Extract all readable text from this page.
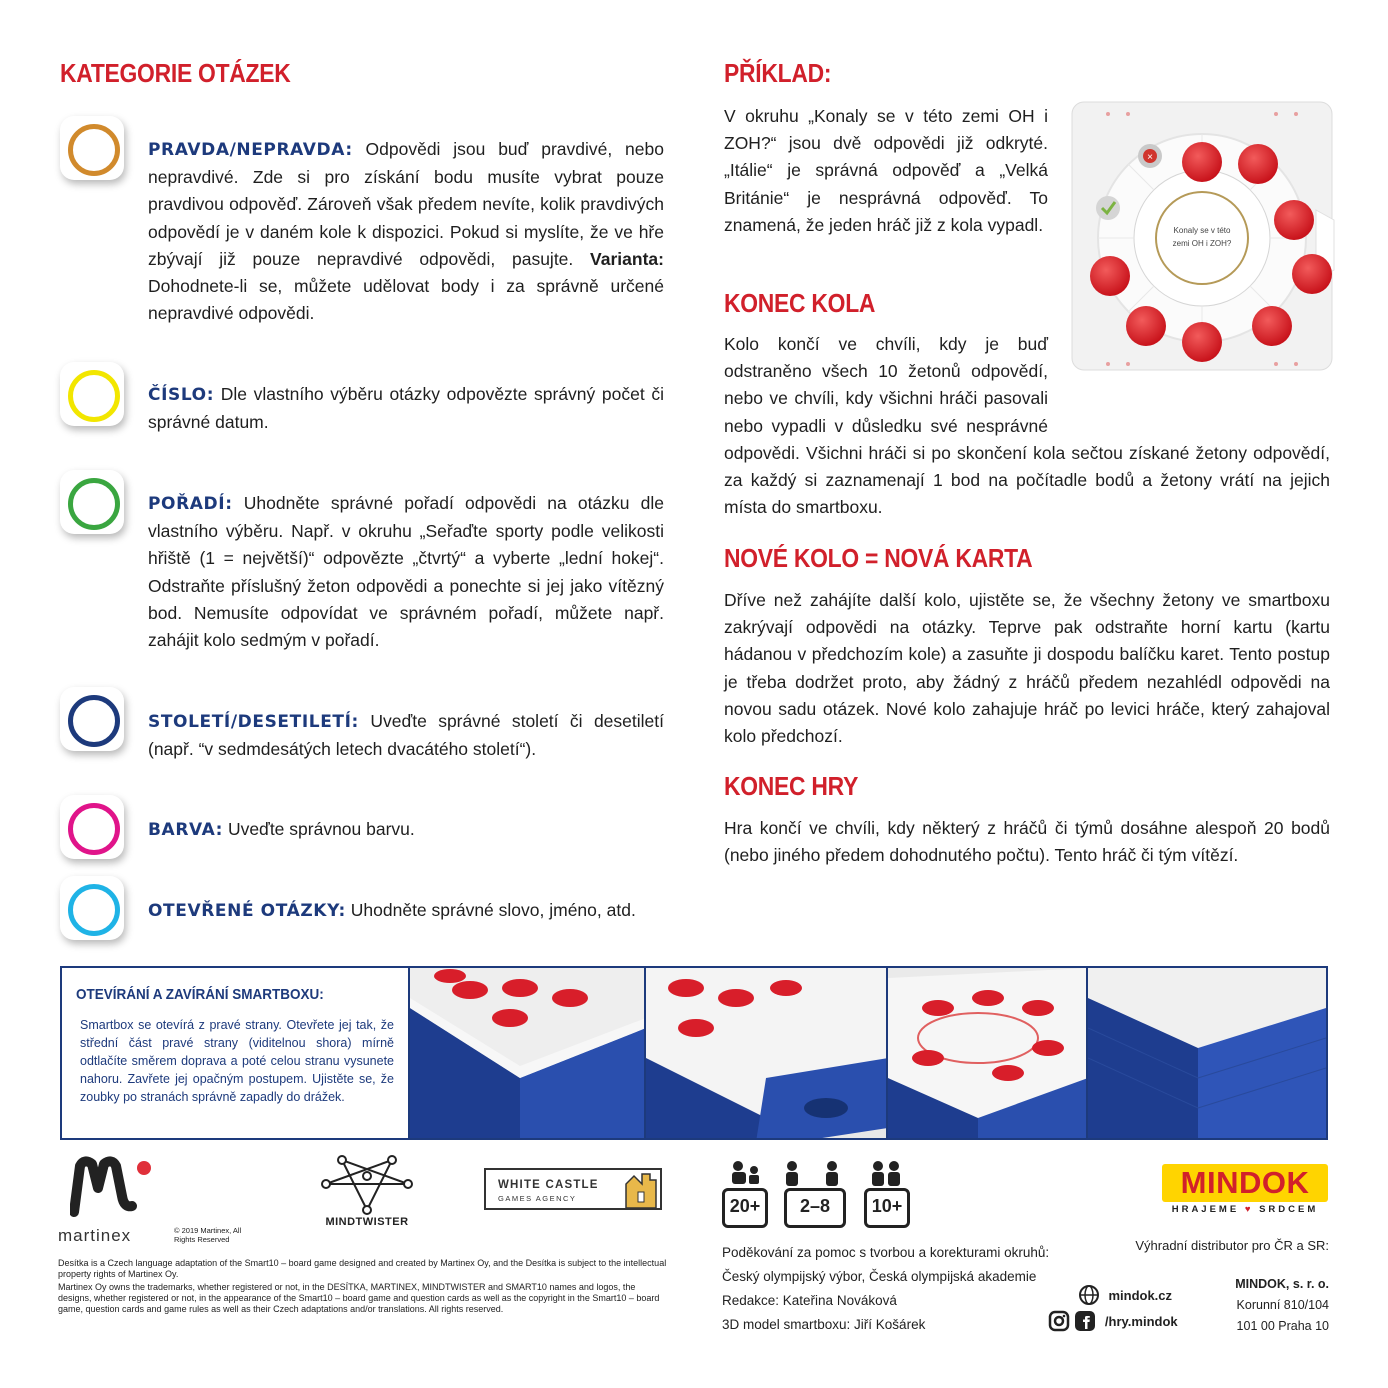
KATEGORIE OTÁZEK
PRAVDA/NEPRAVDA: Odpovědi jsou buď pravdivé, nebo nepravdivé. Zde si pro získání bodu musíte vybrat pouze pravdivou odpověď. Zároveň však předem nevíte, kolik pravdivých odpovědí je v daném kole k dispozici. Pokud si myslíte, že ve hře zbývají již pouze nepravdivé odpovědi, pasujte. Varianta: Dohodnete-li se, můžete udělovat body i za správně určené nepravdivé odpovědi.
ČÍSLO: Dle vlastního výběru otázky odpovězte správný počet či správné datum.
POŘADÍ: Uhodněte správné pořadí odpovědi na otázku dle vlastního výběru. Např. v okruhu „Seřaďte sporty podle velikosti hřiště (1 = největší)“ odpovězte „čtvrtý“ a vyberte „lední hokej“. Odstraňte příslušný žeton odpovědi a ponechte si jej jako vítězný bod. Nemusíte odpovídat ve správném pořadí, můžete např. zahájit kolo sedmým v pořadí.
STOLETÍ/DESETILETÍ: Uveďte správné století či desetiletí (např. “v sedmdesátých letech dvacátého století“).
BARVA: Uveďte správnou barvu.
OTEVŘENÉ OTÁZKY: Uhodněte správné slovo, jméno, atd.
PŘÍKLAD:
V okruhu „Konaly se v této zemi OH i ZOH?“ jsou dvě odpovědi již odkryté. „Itálie“ je správná odpověď a „Velká Británie“ je nesprávná odpověď. To znamená, že jeden hráč již z kola vypadl.	Konaly se v této
zemi OH i ZOH?
×
KONEC KOLA
Kolo končí ve chvíli, kdy je buď odstraněno všech 10 žetonů odpovědí, nebo ve chvíli, kdy všichni hráči pasovali nebo vypadli v důsledku své nesprávné odpovědi. Všichni hráči si po skončení kola sečtou získané žetony odpovědí, za každý si zaznamenají 1 bod na počítadle bodů a žetony vrátí na jejich místa do smartboxu.
NOVÉ KOLO = NOVÁ KARTA
Dříve než zahájíte další kolo, ujistěte se, že všechny žetony ve smartboxu zakrývají odpovědi na otázky. Teprve pak odstraňte horní kartu (kartu hádanou v předchozím kole) a zasuňte ji dospodu balíčku karet. Tento postup je třeba dodržet proto, aby žádný z hráčů předem nezahlédl odpovědi na novou sadu otázek. Nové kolo zahajuje hráč po levici hráče, který zahajoval kolo předchozí.
KONEC HRY
Hra končí ve chvíli, kdy některý z hráčů či týmů dosáhne alespoň 20 bodů (nebo jiného předem dohodnutého počtu). Tento hráč či tým vítězí.
OTEVÍRÁNÍ A ZAVÍRÁNÍ SMARTBOXU:
Smartbox se otevírá z pravé strany. Otevřete jej tak, že střední část pravé strany (viditelnou shora) mírně odtlačíte směrem doprava a poté celou stranu vysunete nahoru. Zavřete jej opačným postupem. Ujistěte se, že zoubky po stranách správně zapadly do drážek.
martinex	© 2019 Martinex, All Rights Reserved
MINDTWISTER
WHITE CASTLE
GAMES AGENCY
Desítka is a Czech language adaptation of the Smart10 – board game designed and created by Martinex Oy, and the Desítka is subject to the intellectual property rights of Martinex Oy.
Martinex Oy owns the trademarks, whether registered or not, in the DESÍTKA, MARTINEX, MINDTWISTER and SMART10 names and logos, the designs, whether registered or not, in the appearance of the Smart10 – board game and question cards as well as the copyright in the Smart10 – board game, question cards and game rules as well as their Czech adaptations and/or translations. All rights reserved.
20+	2–8	10+
Poděkování za pomoc s tvorbou a korekturami okruhů:
Český olympijský výbor, Česká olympijská akademie
Redakce: Kateřina Nováková
3D model smartboxu: Jiří Košárek
mindok.cz
/hry.mindok
MINDOK
HRAJEME ♥ SRDCEM
Výhradní distributor pro ČR a SR:
MINDOK, s. r. o.
Korunní 810/104
101 00 Praha 10
